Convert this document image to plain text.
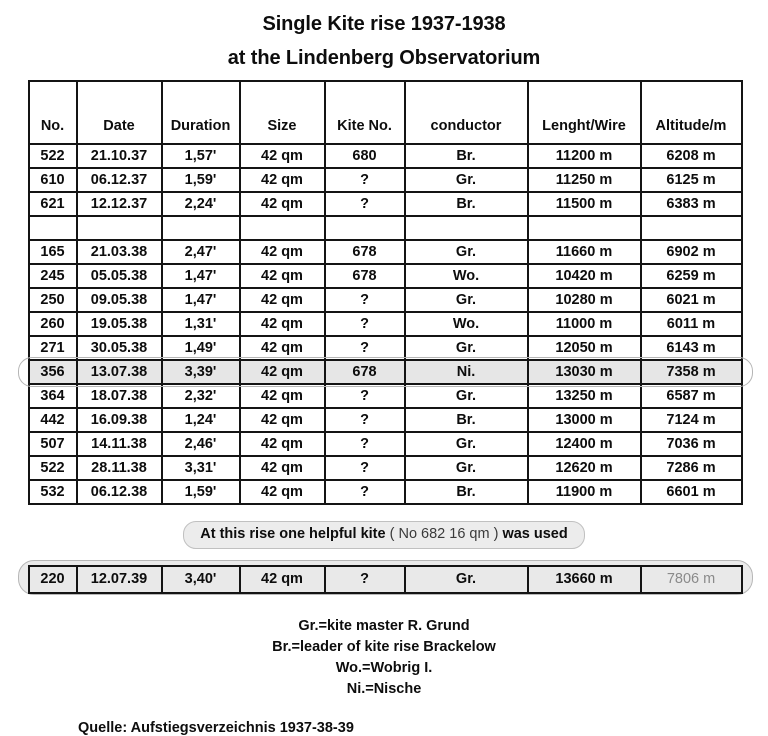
Single Kite rise 1937-1938
at the Lindenberg Observatorium
No.	Date	Duration	Size	Kite No.	conductor	Lenght/Wire	Altitude/m
522	21.10.37	1,57'	42 qm	680	Br.	11200 m	6208 m
610	06.12.37	1,59'	42 qm	?	Gr.	11250 m	6125 m
621	12.12.37	2,24'	42 qm	?	Br.	11500 m	6383 m

165	21.03.38	2,47'	42 qm	678	Gr.	11660 m	6902 m
245	05.05.38	1,47'	42 qm	678	Wo.	10420 m	6259 m
250	09.05.38	1,47'	42 qm	?	Gr.	10280 m	6021 m
260	19.05.38	1,31'	42 qm	?	Wo.	11000 m	6011 m
271	30.05.38	1,49'	42 qm	?	Gr.	12050 m	6143 m
356	13.07.38	3,39'	42 qm	678	Ni.	13030 m	7358 m
364	18.07.38	2,32'	42 qm	?	Gr.	13250 m	6587 m
442	16.09.38	1,24'	42 qm	?	Br.	13000 m	7124 m
507	14.11.38	2,46'	42 qm	?	Gr.	12400 m	7036 m
522	28.11.38	3,31'	42 qm	?	Gr.	12620 m	7286 m
532	06.12.38	1,59'	42 qm	?	Br.	11900 m	6601 m
At this rise one helpful kite ( No 682 16 qm ) was used
220	12.07.39	3,40'	42 qm	?	Gr.	13660 m	7806 m
Gr.=kite master R. Grund
Br.=leader of kite rise Brackelow
Wo.=Wobrig I.
Ni.=Nische
Quelle: Aufstiegsverzeichnis 1937-38-39
